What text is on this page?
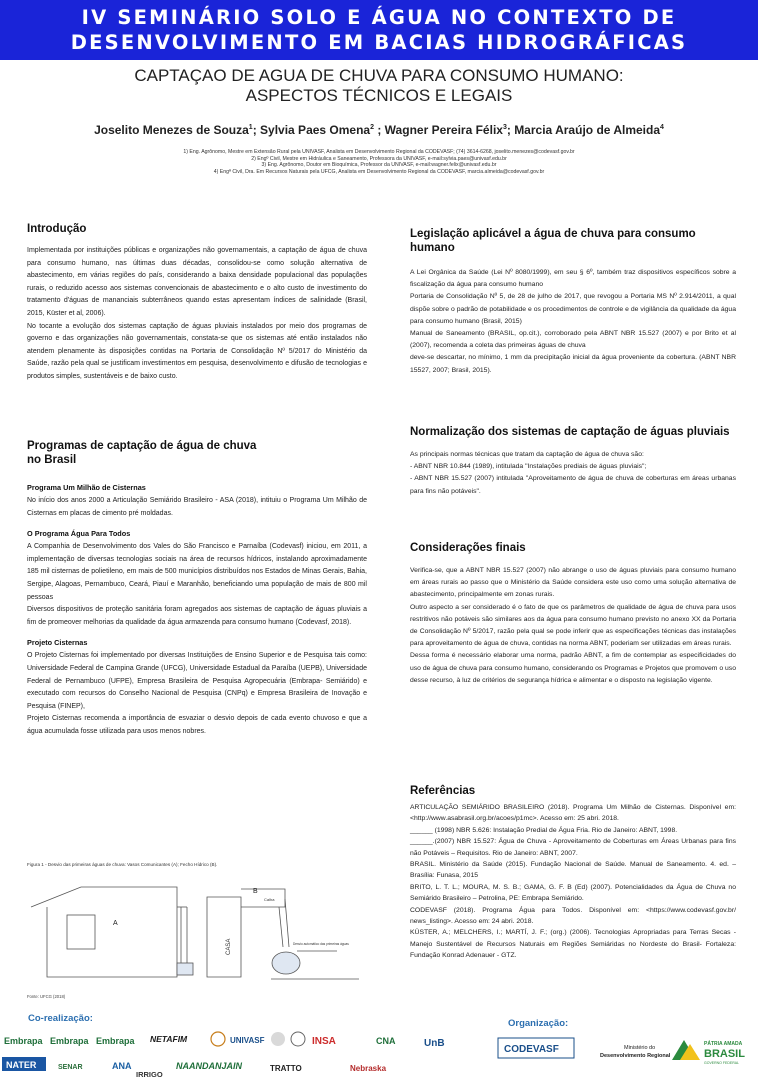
IV SEMINÁRIO SOLO E ÁGUA NO CONTEXTO DE
DESENVOLVIMENTO EM BACIAS HIDROGRÁFICAS
CAPTAÇAO DE AGUA DE CHUVA PARA CONSUMO HUMANO:
ASPECTOS TÉCNICOS E LEGAIS
Joselito Menezes de Souza$^1$; Sylvia Paes Omena$^2$ ; Wagner Pereira Félix$^3$; Marcia Araújo de Almeida$^4$
1) Eng. Agrônomo, Mestre em Extensão Rural pela UNIVASF, Analista em Desenvolvimento Regional da CODEVASF; (74) 3614-6268, joselito.menezes@codevasf.gov.br
2) Engº Civil, Mestre em Hidráulica e Saneamento, Professora da UNIVASF, e-mail:sylvia.paes@univasf.edu.br
3) Eng. Agrônomo, Doutor em Bioquímica, Professor da UNIVASF, e-mail:wagner.felix@univasf.edu.br
4) Engª Civil, Dra. Em Recursos Naturais pela UFCG, Analista em Desenvolvimento Regional da CODEVASF, marcia.almeida@codevasf.gov.br
Introdução

Implementada por instituições públicas e organizações não governamentais, a captação de água de chuva para consumo humano, nas últimas duas décadas, consolidou-se como solução alternativa de abastecimento, em várias regiões do país, considerando a baixa densidade populacional das populações rurais, o reduzido acesso aos sistemas convencionais de abastecimento e o alto custo de investimento do tratamento d'águas de mananciais subterrâneos quando estas apresentam índices de salinidade (Brasil, 2015, Küster et al, 2006).

No tocante a evolução dos sistemas captação de águas pluviais instalados por meio dos programas de governo e das organizações não governamentais, constata-se que os sistemas até então instalados não atendem plenamente às disposições contidas na Portaria de Consolidação Nº 5/2017 do Ministério da Saúde, razão pela qual se justificam investimentos em pesquisa, desenvolvimento e difusão de tecnologias e produtos simples, sustentáveis e de baixo custo.

Programas de captação de água de chuva
no Brasil
Programa Um Milhão de Cisternas

No início dos anos 2000 a Articulação Semiárido Brasileiro - ASA (2018), intituiu o Programa Um Milhão de Cisternas em placas de cimento pré moldadas.

O Programa Água Para Todos

A Companhia de Desenvolvimento dos Vales do São Francisco e Parnaíba (Codevasf) iniciou, em 2011, a implementação de diversas tecnologias sociais na área de recursos hídricos, instalando aproximadamente 185 mil cisternas de polietileno, em mais de 500 municípios distribuídos nos Estados de Minas Gerais, Bahia, Sergipe, Alagoas, Pernambuco, Ceará, Piauí e Maranhão, beneficiando uma população de mais de 800 mil pessoas

Diversos dispositivos de proteção sanitária foram agregados aos sistemas de captação de águas pluviais a fim de promeover melhorias da qualidade da água armazenda para consumo humano (Codevasf, 2018).

Projeto Cisternas

O Projeto Cisternas foi implementado por diversas Instituições de Ensino Superior e de Pesquisa tais como: Universidade Federal de Campina Grande (UFCG), Universidade Estadual da Paraíba (UEPB), Universidade Federal de Pernambuco (UFPE), Empresa Brasileira de Pesquisa Agropecuária (Embrapa- Semiárido) e executado com recursos do Conselho Nacional de Pesquisa (CNPq) e Empresa Brasileira de Inovação e Pesquisa (FINEP),

Projeto Cisternas recomenda a importância de esvaziar o desvio depois de cada evento chuvoso e que a água acumulada fosse utilizada para usos menos nobres.

Figura 1 - Desvio das primeiras águas de chuva: Vasos Comunicantes (A); Fecho Hídrico (B).
A
B
Calha
CASA	Desvio automático das primeiras águas
Fonte: UFCG (2018)
Legislação aplicável a água de chuva para consumo
humano

A Lei Orgânica da Saúde (Lei Nº 8080/1999), em seu § 6º, também traz dispositivos específicos sobre a fiscalização da água para consumo humano

Portaria de Consolidação Nº 5, de 28 de julho de 2017, que revogou a Portaria MS Nº 2.914/2011, a qual dispõe sobre o padrão de potabilidade e os procedimentos de controle e de vigilância da qualidade da água para consumo humano (Brasil, 2015)

Manual de Saneamento (BRASIL, op.cit.), corroborado pela ABNT NBR 15.527 (2007) e por Brito et al (2007), recomenda a coleta das primeiras águas de chuva

deve-se descartar, no mínimo, 1 mm da precipitação inicial da água proveniente da cobertura. (ABNT NBR 15527, 2007; Brasil, 2015).

Normalização dos sistemas de captação de águas pluviais

As principais normas técnicas que tratam da captação de água de chuva são:

- ABNT NBR 10.844 (1989), intitulada "Instalações prediais de águas pluviais";

- ABNT NBR 15.527 (2007) intitulada "Aproveitamento de água de chuva de coberturas em áreas urbanas para fins não potáveis".

Considerações finais

Verifica-se, que a ABNT NBR 15.527 (2007) não abrange o uso de águas pluviais para consumo humano em áreas rurais ao passo que o Ministério da Saúde considera este uso como uma solução alternativa de abastecimento, principalmente em zonas rurais.

Outro aspecto a ser considerado é o fato de que os parâmetros de qualidade de água de chuva para usos restritivos não potáveis são similares aos da água para consumo humano previsto no anexo XX da Portaria de Consolidação Nº 5/2017, razão pela qual se pode inferir que as especificações técnicas das instalações para aproveitamento de água de chuva, contidas na norma ABNT, poderiam ser utilizadas em áreas rurais.

Dessa forma é necessário elaborar uma norma, padrão ABNT, a fim de contemplar as especificidades do uso de água de chuva para consumo humano, considerando os Programas e Projetos que promovem o uso desse recurso, à luz de critérios de segurança hídrica e alimentar e o disposto na legislação vigente.

Referências

ARTICULAÇÃO SEMIÁRIDO BRASILEIRO (2018). Programa Um Milhão de Cisternas. Disponível em: <http://www.asabrasil.org.br/acoes/p1mc>. Acesso em: 25 abri. 2018.

______ (1998) NBR 5.626: Instalação Predial de Água Fria. Rio de Janeiro: ABNT, 1998.

______.(2007) NBR 15.527: Água de Chuva - Aproveitamento de Coberturas em Áreas Urbanas para fins não Potáveis – Requisitos. Rio de Janeiro: ABNT, 2007.

BRASIL. Ministério da Saúde (2015). Fundação Nacional de Saúde. Manual de Saneamento. 4. ed. – Brasília: Funasa, 2015

BRITO, L. T. L.; MOURA, M. S. B.; GAMA, G. F. B (Ed) (2007). Potencialidades da Água de Chuva no Semiárido Brasileiro – Petrolina, PE: Embrapa Semiárido.

CODEVASF (2018). Programa Água para Todos. Disponível em: <https://www.codevasf.gov.br/ news_listing>. Acesso em: 24 abri. 2018.

KÜSTER, A.; MELCHERS, I.; MARTÍ, J. F.; (org.) (2006). Tecnologias Apropriadas para Terras Secas - Manejo Sustentável de Recursos Naturais em Regiões Semiáridas no Nordeste do Brasil- Fortaleza: Fundação Konrad Adenauer - GTZ.

Co-realização:	Organização:
Embrapa Embrapa Embrapa NETAFIM	UNIVASF	INSA	CNA	UnB
NATER	SENAR	ANA
IRRIGO
NAANDANJAIN	TRATTO	Nebraska
CODEVASF	Ministério do
Desenvolvimento Regional
PÁTRIA AMADA
BRASIL
GOVERNO FEDERAL
